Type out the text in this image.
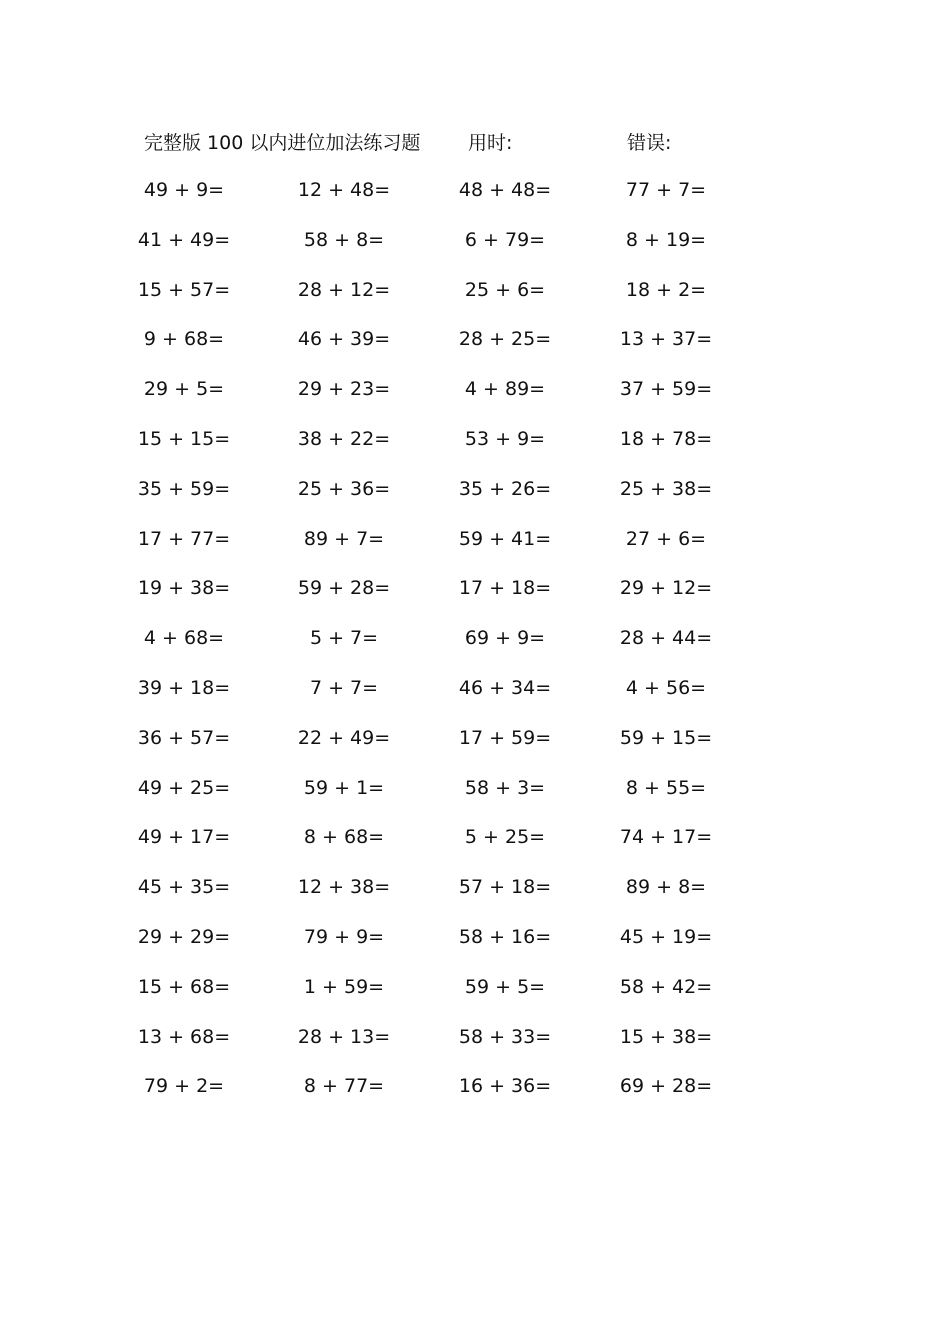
完整版 100 以内进位加法练习题	用时:	错误:
49 + 9=	12 + 48=	48 + 48=	77 + 7=
41 + 49=	58 + 8=	6 + 79=	8 + 19=
15 + 57=	28 + 12=	25 + 6=	18 + 2=
9 + 68=	46 + 39=	28 + 25=	13 + 37=
29 + 5=	29 + 23=	4 + 89=	37 + 59=
15 + 15=	38 + 22=	53 + 9=	18 + 78=
35 + 59=	25 + 36=	35 + 26=	25 + 38=
17 + 77=	89 + 7=	59 + 41=	27 + 6=
19 + 38=	59 + 28=	17 + 18=	29 + 12=
4 + 68=	5 + 7=	69 + 9=	28 + 44=
39 + 18=	7 + 7=	46 + 34=	4 + 56=
36 + 57=	22 + 49=	17 + 59=	59 + 15=
49 + 25=	59 + 1=	58 + 3=	8 + 55=
49 + 17=	8 + 68=	5 + 25=	74 + 17=
45 + 35=	12 + 38=	57 + 18=	89 + 8=
29 + 29=	79 + 9=	58 + 16=	45 + 19=
15 + 68=	1 + 59=	59 + 5=	58 + 42=
13 + 68=	28 + 13=	58 + 33=	15 + 38=
79 + 2=	8 + 77=	16 + 36=	69 + 28=
